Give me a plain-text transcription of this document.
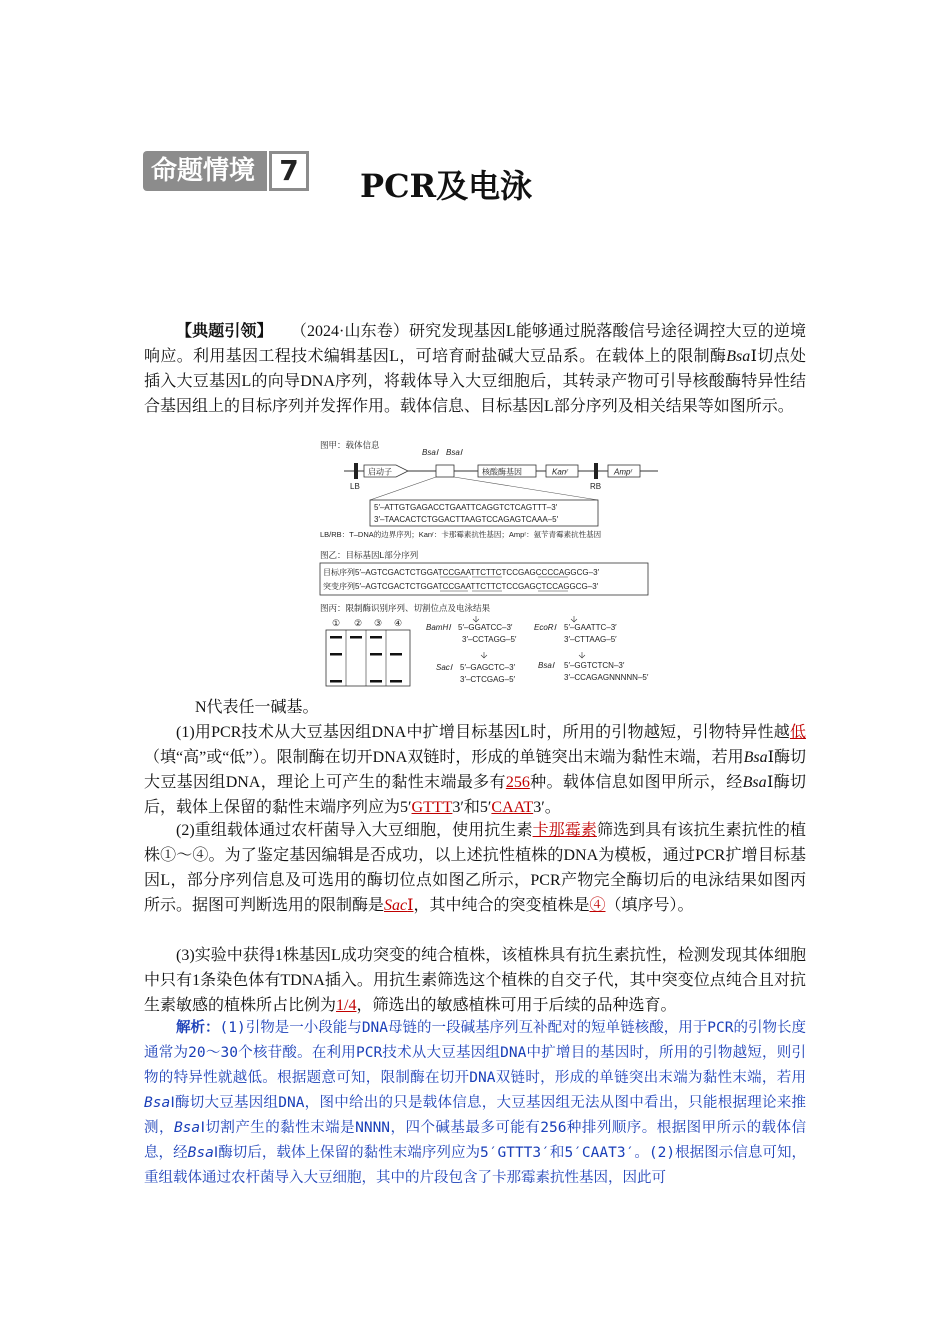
命题情境 7	PCR及电泳
【典题引领】 （2024·山东卷）研究发现基因L能够通过脱落酸信号途径调控大豆的逆境响应。利用基因工程技术编辑基因L，可培育耐盐碱大豆品系。在载体上的限制酶BsaⅠ切点处插入大豆基因L的向导DNA序列，将载体导入大豆细胞后，其转录产物可引导核酸酶特异性结合基因组上的目标序列并发挥作用。载体信息、目标基因L部分序列及相关结果等如图所示。
图甲：载体信息
LB
启动子
BsaⅠ BsaⅠ
核酸酶基因	Kanʳ
RB
Ampʳ
5′–ATTGTGAGACCTGAATTCAGGTCTCAGTTT–3′
3′–TAACACTCTGGACTTAAGTCCAGAGTCAAA–5′
LB/RB：T–DNA的边界序列；Kanʳ：卡那霉素抗性基因；Ampʳ：氨苄青霉素抗性基因
图乙：目标基因L部分序列
目标序列5′–AGTCGACTCTGGATCCGAATTCTTCTCCGAGCCCCAGGCG–3′
突变序列5′–AGTCGACTCTGGATCCGAATTCTTCTCCGAGCTCCAGGCG–3′
图丙：限制酶识别序列、切割位点及电泳结果
① ② ③ ④	BamHⅠ 5′–GGATCC–3′
3′–CCTAGG–5′
EcoRⅠ 5′–GAATTC–3′
3′–CTTAAG–5′
SacⅠ 5′–GAGCTC–3′
3′–CTCGAG–5′
BsaⅠ 5′–GGTCTCN–3′
3′–CCAGAGNNNNN–5′
N代表任一碱基。
(1)用PCR技术从大豆基因组DNA中扩增目标基因L时，所用的引物越短，引物特异性越低（填“高”或“低”）。限制酶在切开DNA双链时，形成的单链突出末端为黏性末端，若用BsaⅠ酶切大豆基因组DNA，理论上可产生的黏性末端最多有256种。载体信息如图甲所示，经BsaⅠ酶切后，载体上保留的黏性末端序列应为5′GTTT3′和5′CAAT3′。
(2)重组载体通过农杆菌导入大豆细胞，使用抗生素卡那霉素筛选到具有该抗生素抗性的植株①～④。为了鉴定基因编辑是否成功，以上述抗性植株的DNA为模板，通过PCR扩增目标基因L，部分序列信息及可选用的酶切位点如图乙所示，PCR产物完全酶切后的电泳结果如图丙所示。据图可判断选用的限制酶是SacⅠ，其中纯合的突变植株是④（填序号）。
(3)实验中获得1株基因L成功突变的纯合植株，该植株具有抗生素抗性，检测发现其体细胞中只有1条染色体有TDNA插入。用抗生素筛选这个植株的自交子代，其中突变位点纯合且对抗生素敏感的植株所占比例为1/4，筛选出的敏感植株可用于后续的品种选育。
解析：(1)引物是一小段能与DNA母链的一段碱基序列互补配对的短单链核酸，用于PCR的引物长度通常为20～30个核苷酸。在利用PCR技术从大豆基因组DNA中扩增目的基因时，所用的引物越短，则引物的特异性就越低。根据题意可知，限制酶在切开DNA双链时，形成的单链突出末端为黏性末端，若用BsaⅠ酶切大豆基因组DNA，图中给出的只是载体信息，大豆基因组无法从图中看出，只能根据理论来推测，BsaⅠ切割产生的黏性末端是NNNN，四个碱基最多可能有256种排列顺序。根据图甲所示的载体信息，经BsaⅠ酶切后，载体上保留的黏性末端序列应为5′GTTT3′和5′CAAT3′。(2)根据图示信息可知，重组载体通过农杆菌导入大豆细胞，其中的片段包含了卡那霉素抗性基因，因此可
